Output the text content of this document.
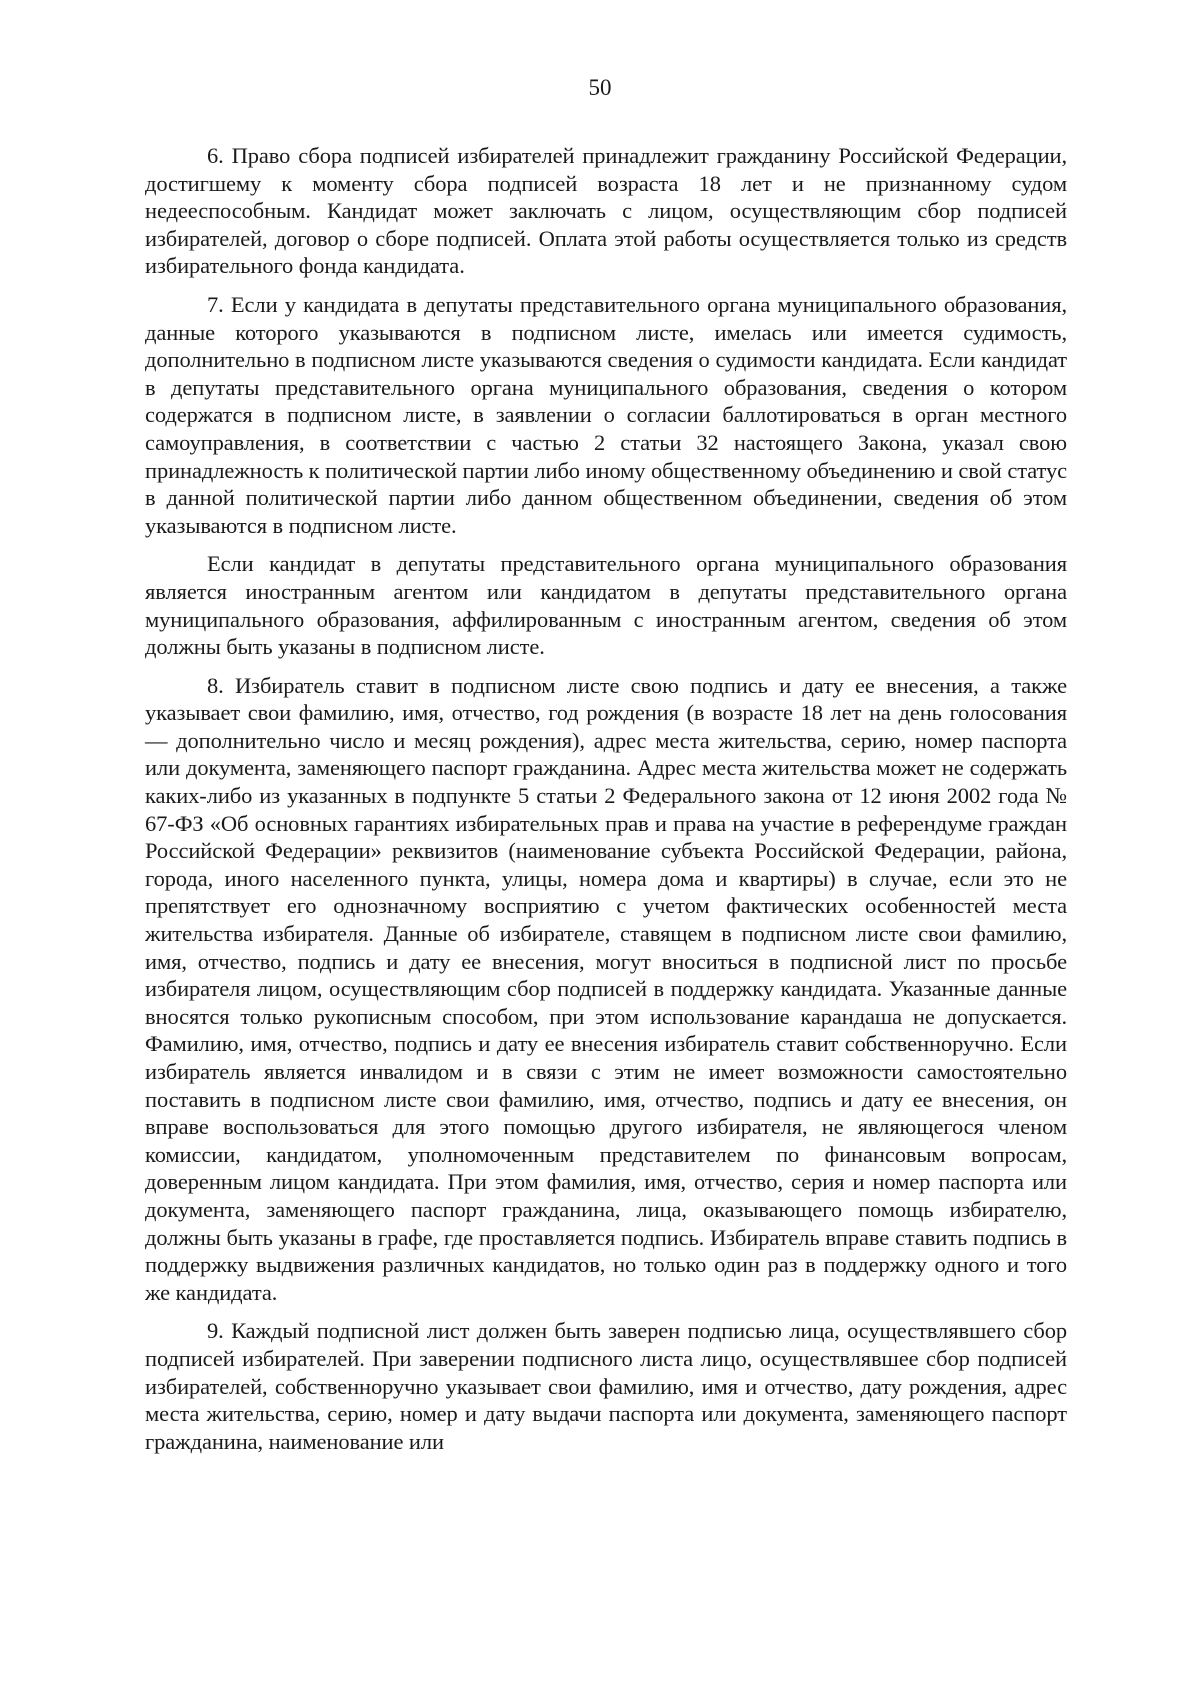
50

6. Право сбора подписей избирателей принадлежит гражданину Российской Федерации, достигшему к моменту сбора подписей возраста 18 лет и не признанному судом недееспособным. Кандидат может заключать с лицом, осуществляющим сбор подписей избирателей, договор о сборе подписей. Оплата этой работы осуществляется только из средств избирательного фонда кандидата.

7. Если у кандидата в депутаты представительного органа муниципального образования, данные которого указываются в подписном листе, имелась или имеется судимость, дополнительно в подписном листе указываются сведения о судимости кандидата. Если кандидат в депутаты представительного органа муниципального образования, сведения о котором содержатся в подписном листе, в заявлении о согласии баллотироваться в орган местного самоуправления, в соответствии с частью 2 статьи 32 настоящего Закона, указал свою принадлежность к политической партии либо иному общественному объединению и свой статус в данной политической партии либо данном общественном объединении, сведения об этом указываются в подписном листе.

Если кандидат в депутаты представительного органа муниципального образования является иностранным агентом или кандидатом в депутаты представительного органа муниципального образования, аффилированным с иностранным агентом, сведения об этом должны быть указаны в подписном листе.

8. Избиратель ставит в подписном листе свою подпись и дату ее внесения, а также указывает свои фамилию, имя, отчество, год рождения (в возрасте 18 лет на день голосования — дополнительно число и месяц рождения), адрес места жительства, серию, номер паспорта или документа, заменяющего паспорт гражданина. Адрес места жительства может не содержать каких-либо из указанных в подпункте 5 статьи 2 Федерального закона от 12 июня 2002 года № 67-ФЗ «Об основных гарантиях избирательных прав и права на участие в референдуме граждан Российской Федерации» реквизитов (наименование субъекта Российской Федерации, района, города, иного населенного пункта, улицы, номера дома и квартиры) в случае, если это не препятствует его однозначному восприятию с учетом фактических особенностей места жительства избирателя. Данные об избирателе, ставящем в подписном листе свои фамилию, имя, отчество, подпись и дату ее внесения, могут вноситься в подписной лист по просьбе избирателя лицом, осуществляющим сбор подписей в поддержку кандидата. Указанные данные вносятся только рукописным способом, при этом использование карандаша не допускается. Фамилию, имя, отчество, подпись и дату ее внесения избиратель ставит собственноручно. Если избиратель является инвалидом и в связи с этим не имеет возможности самостоятельно поставить в подписном листе свои фамилию, имя, отчество, подпись и дату ее внесения, он вправе воспользоваться для этого помощью другого избирателя, не являющегося членом комиссии, кандидатом, уполномоченным представителем по финансовым вопросам, доверенным лицом кандидата. При этом фамилия, имя, отчество, серия и номер паспорта или документа, заменяющего паспорт гражданина, лица, оказывающего помощь избирателю, должны быть указаны в графе, где проставляется подпись. Избиратель вправе ставить подпись в поддержку выдвижения различных кандидатов, но только один раз в поддержку одного и того же кандидата.

9. Каждый подписной лист должен быть заверен подписью лица, осуществлявшего сбор подписей избирателей. При заверении подписного листа лицо, осуществлявшее сбор подписей избирателей, собственноручно указывает свои фамилию, имя и отчество, дату рождения, адрес места жительства, серию, номер и дату выдачи паспорта или документа, заменяющего паспорт гражданина, наименование или
